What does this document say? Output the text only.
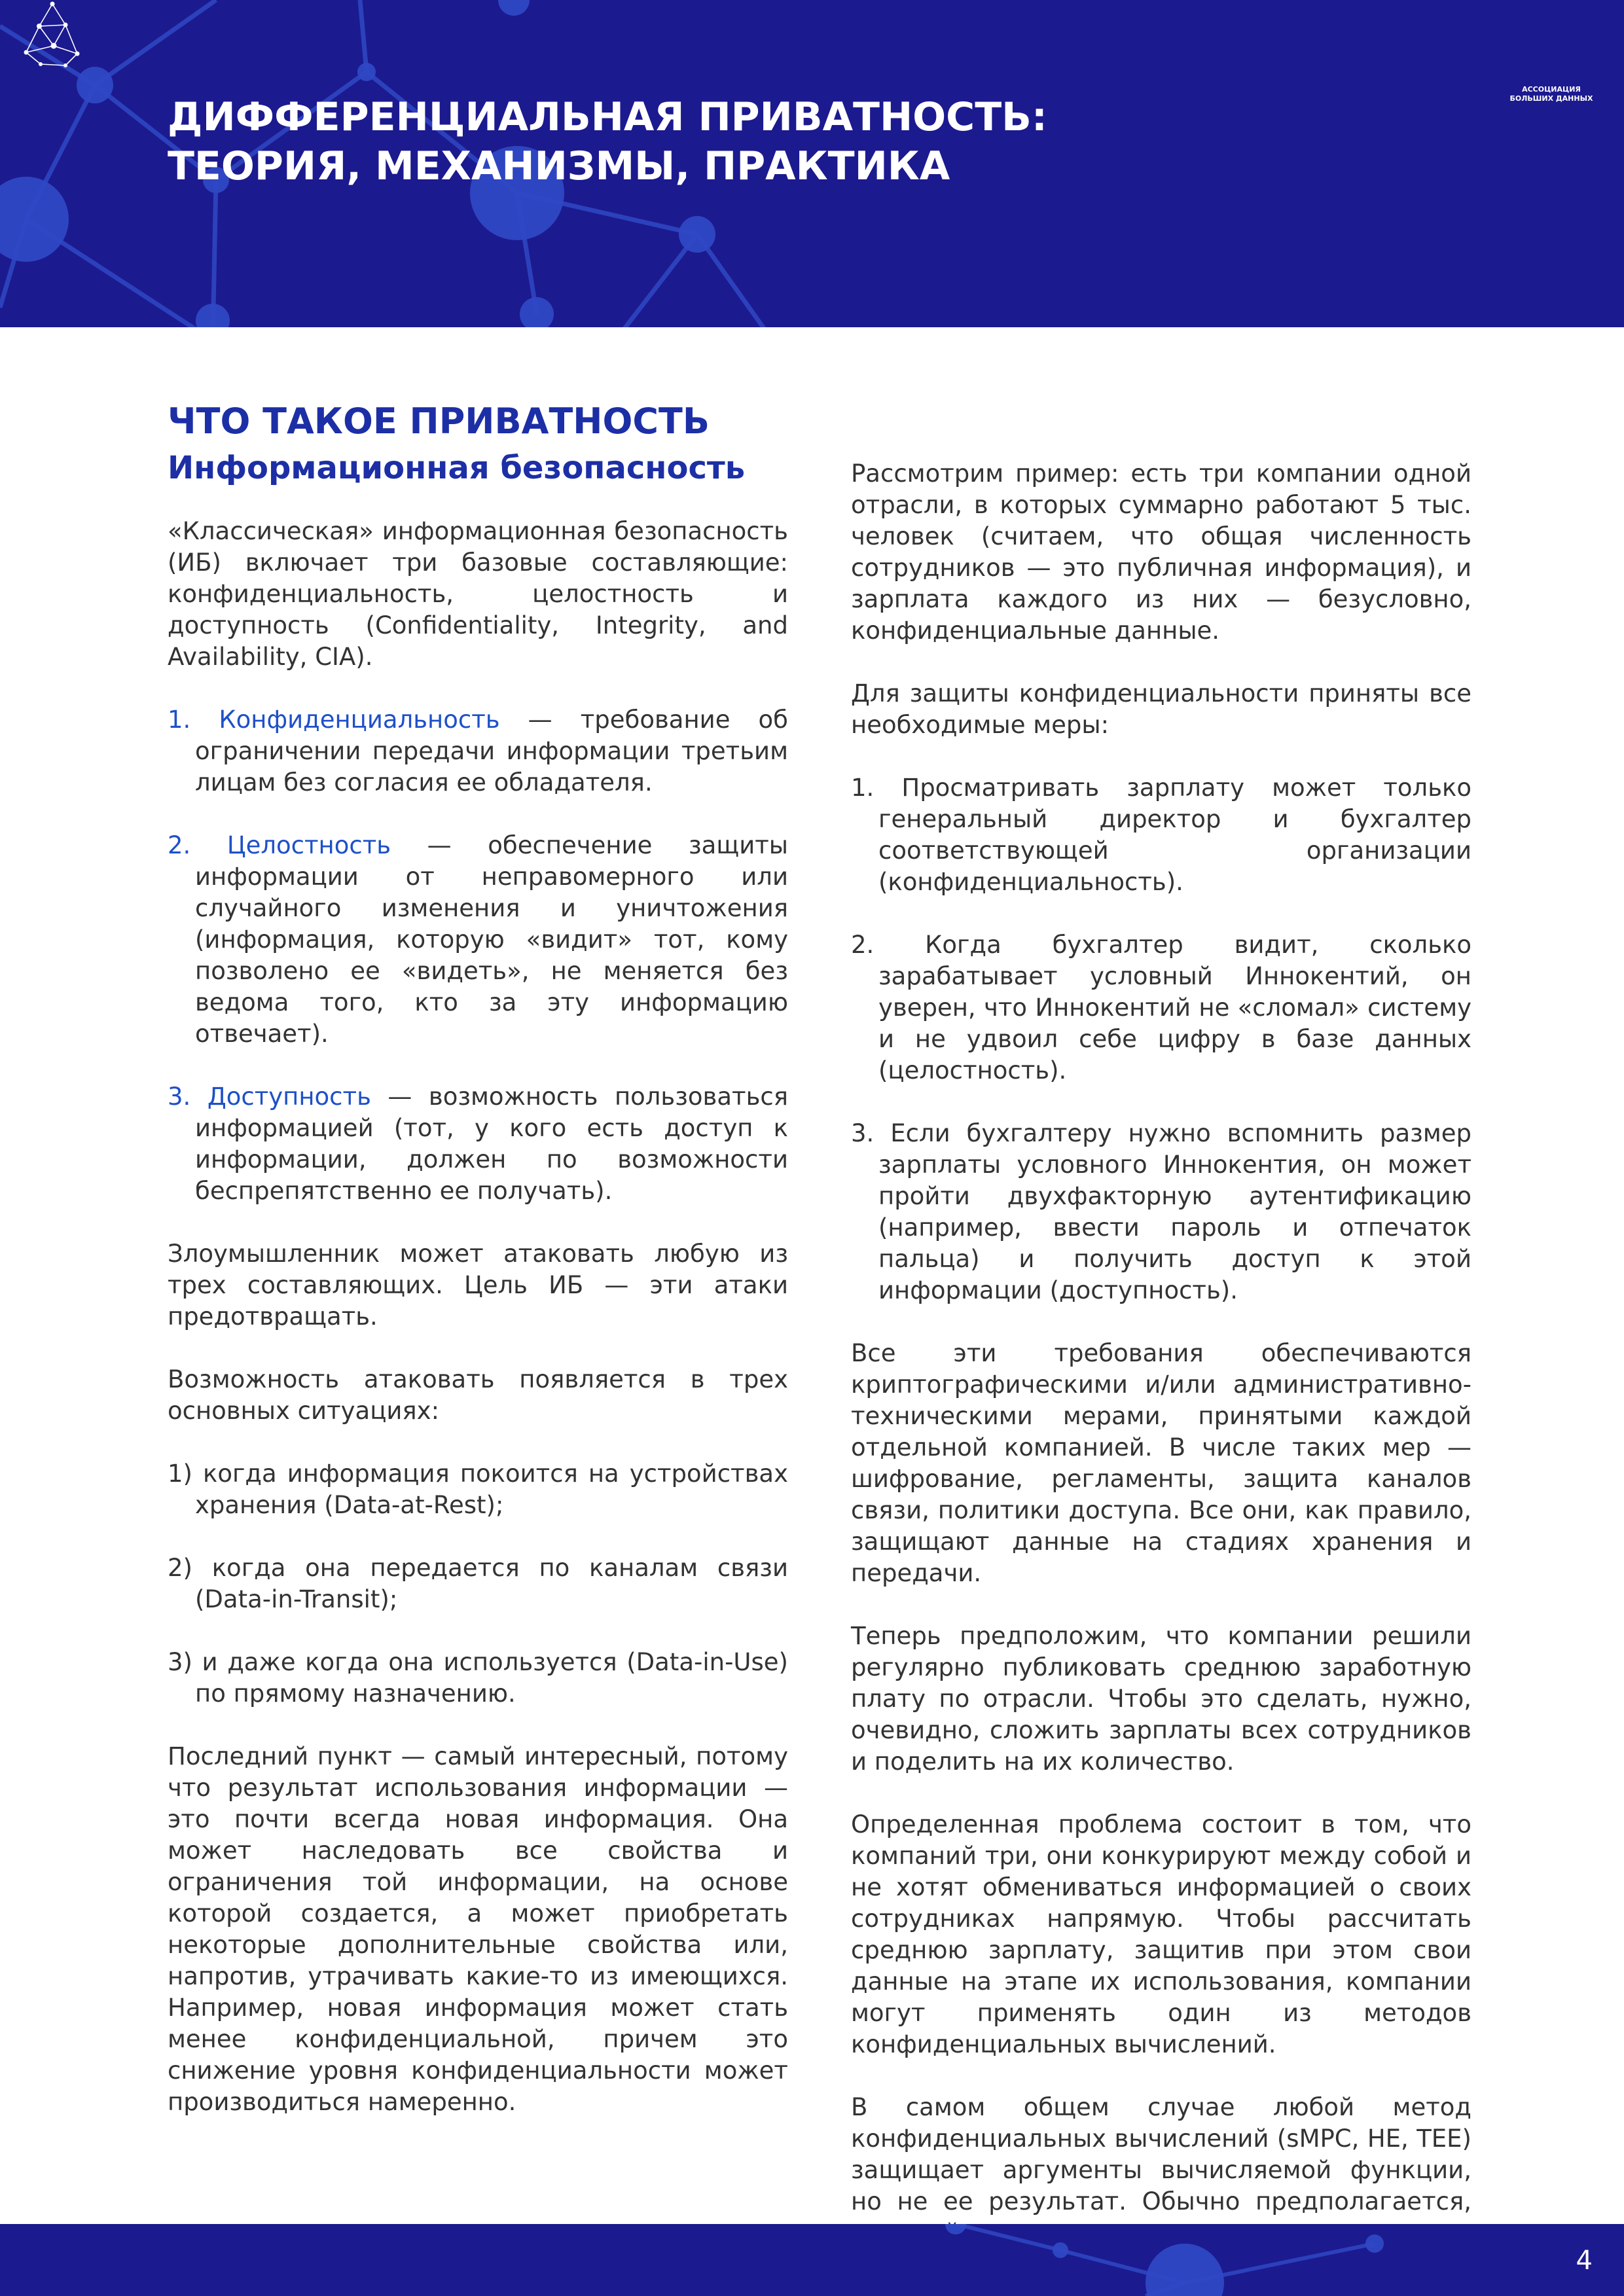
ДИФФЕРЕНЦИАЛЬНАЯ ПРИВАТНОСТЬ:
ТЕОРИЯ, МЕХАНИЗМЫ, ПРАКТИКА
АССОЦИАЦИЯ
БОЛЬШИХ ДАННЫХ
ЧТО ТАКОЕ ПРИВАТНОСТЬ
Информационная безопасность

«Классическая» информационная безопасность (ИБ) включает три базовые составляющие: конфиденциальность, целостность и доступность (Confidentiality, Integrity, and Availability, CIA).

1. Конфиденциальность — требование об ограничении передачи информации третьим лицам без согласия ее обладателя.

2. Целостность — обеспечение защиты информации от неправомерного или случайного изменения и уничтожения (информация, которую «видит» тот, кому позволено ее «видеть», не меняется без ведома того, кто за эту информацию отвечает).

3. Доступность — возможность пользоваться информацией (тот, у кого есть доступ к информации, должен по возможности беспрепятственно ее получать).

Злоумышленник может атаковать любую из трех составляющих. Цель ИБ — эти атаки предотвращать.

Возможность атаковать появляется в трех основных ситуациях:

1) когда информация покоится на устройствах хранения (Data-at-Rest);

2) когда она передается по каналам связи (Data-in-Transit);

3) и даже когда она используется (Data-in-Use) по прямому назначению.

Последний пункт — самый интересный, потому что результат использования информации — это почти всегда новая информация. Она может наследовать все свойства и ограничения той информации, на основе которой создается, а может приобретать некоторые дополнительные свойства или, напротив, утрачивать какие-то из имеющихся. Например, новая информация может стать менее конфиденциальной, причем это снижение уровня конфиденциальности может производиться намеренно.

Рассмотрим пример: есть три компании одной отрасли, в которых суммарно работают 5 тыс. человек (считаем, что общая численность сотрудников — это публичная информация), и зарплата каждого из них — безусловно, конфиденциальные данные.

Для защиты конфиденциальности приняты все необходимые меры:

1. Просматривать зарплату может только генеральный директор и бухгалтер соответствующей организации (конфиденциальность).

2. Когда бухгалтер видит, сколько зарабатывает условный Иннокентий, он уверен, что Иннокентий не «сломал» систему и не удвоил себе цифру в базе данных (целостность).

3. Если бухгалтеру нужно вспомнить размер зарплаты условного Иннокентия, он может пройти двухфакторную аутентификацию (например, ввести пароль и отпечаток пальца) и получить доступ к этой информации (доступность).

Все эти требования обеспечиваются криптографическими и/или административно-техническими мерами, принятыми каждой отдельной компанией. В числе таких мер — шифрование, регламенты, защита каналов связи, политики доступа. Все они, как правило, защищают данные на стадиях хранения и передачи.

Теперь предположим, что компании решили регулярно публиковать среднюю заработную плату по отрасли. Чтобы это сделать, нужно, очевидно, сложить зарплаты всех сотрудников и поделить на их количество.

Определенная проблема состоит в том, что компаний три, они конкурируют между собой и не хотят обмениваться информацией о своих сотрудниках напрямую. Чтобы рассчитать среднюю зарплату, защитив при этом свои данные на этапе их использования, компании могут применять один из методов конфиденциальных вычислений.

В самом общем случае любой метод конфиденциальных вычислений (sMPC, HE, TEE) защищает аргументы вычисляемой функции, но не ее результат. Обычно предполагается,

4
